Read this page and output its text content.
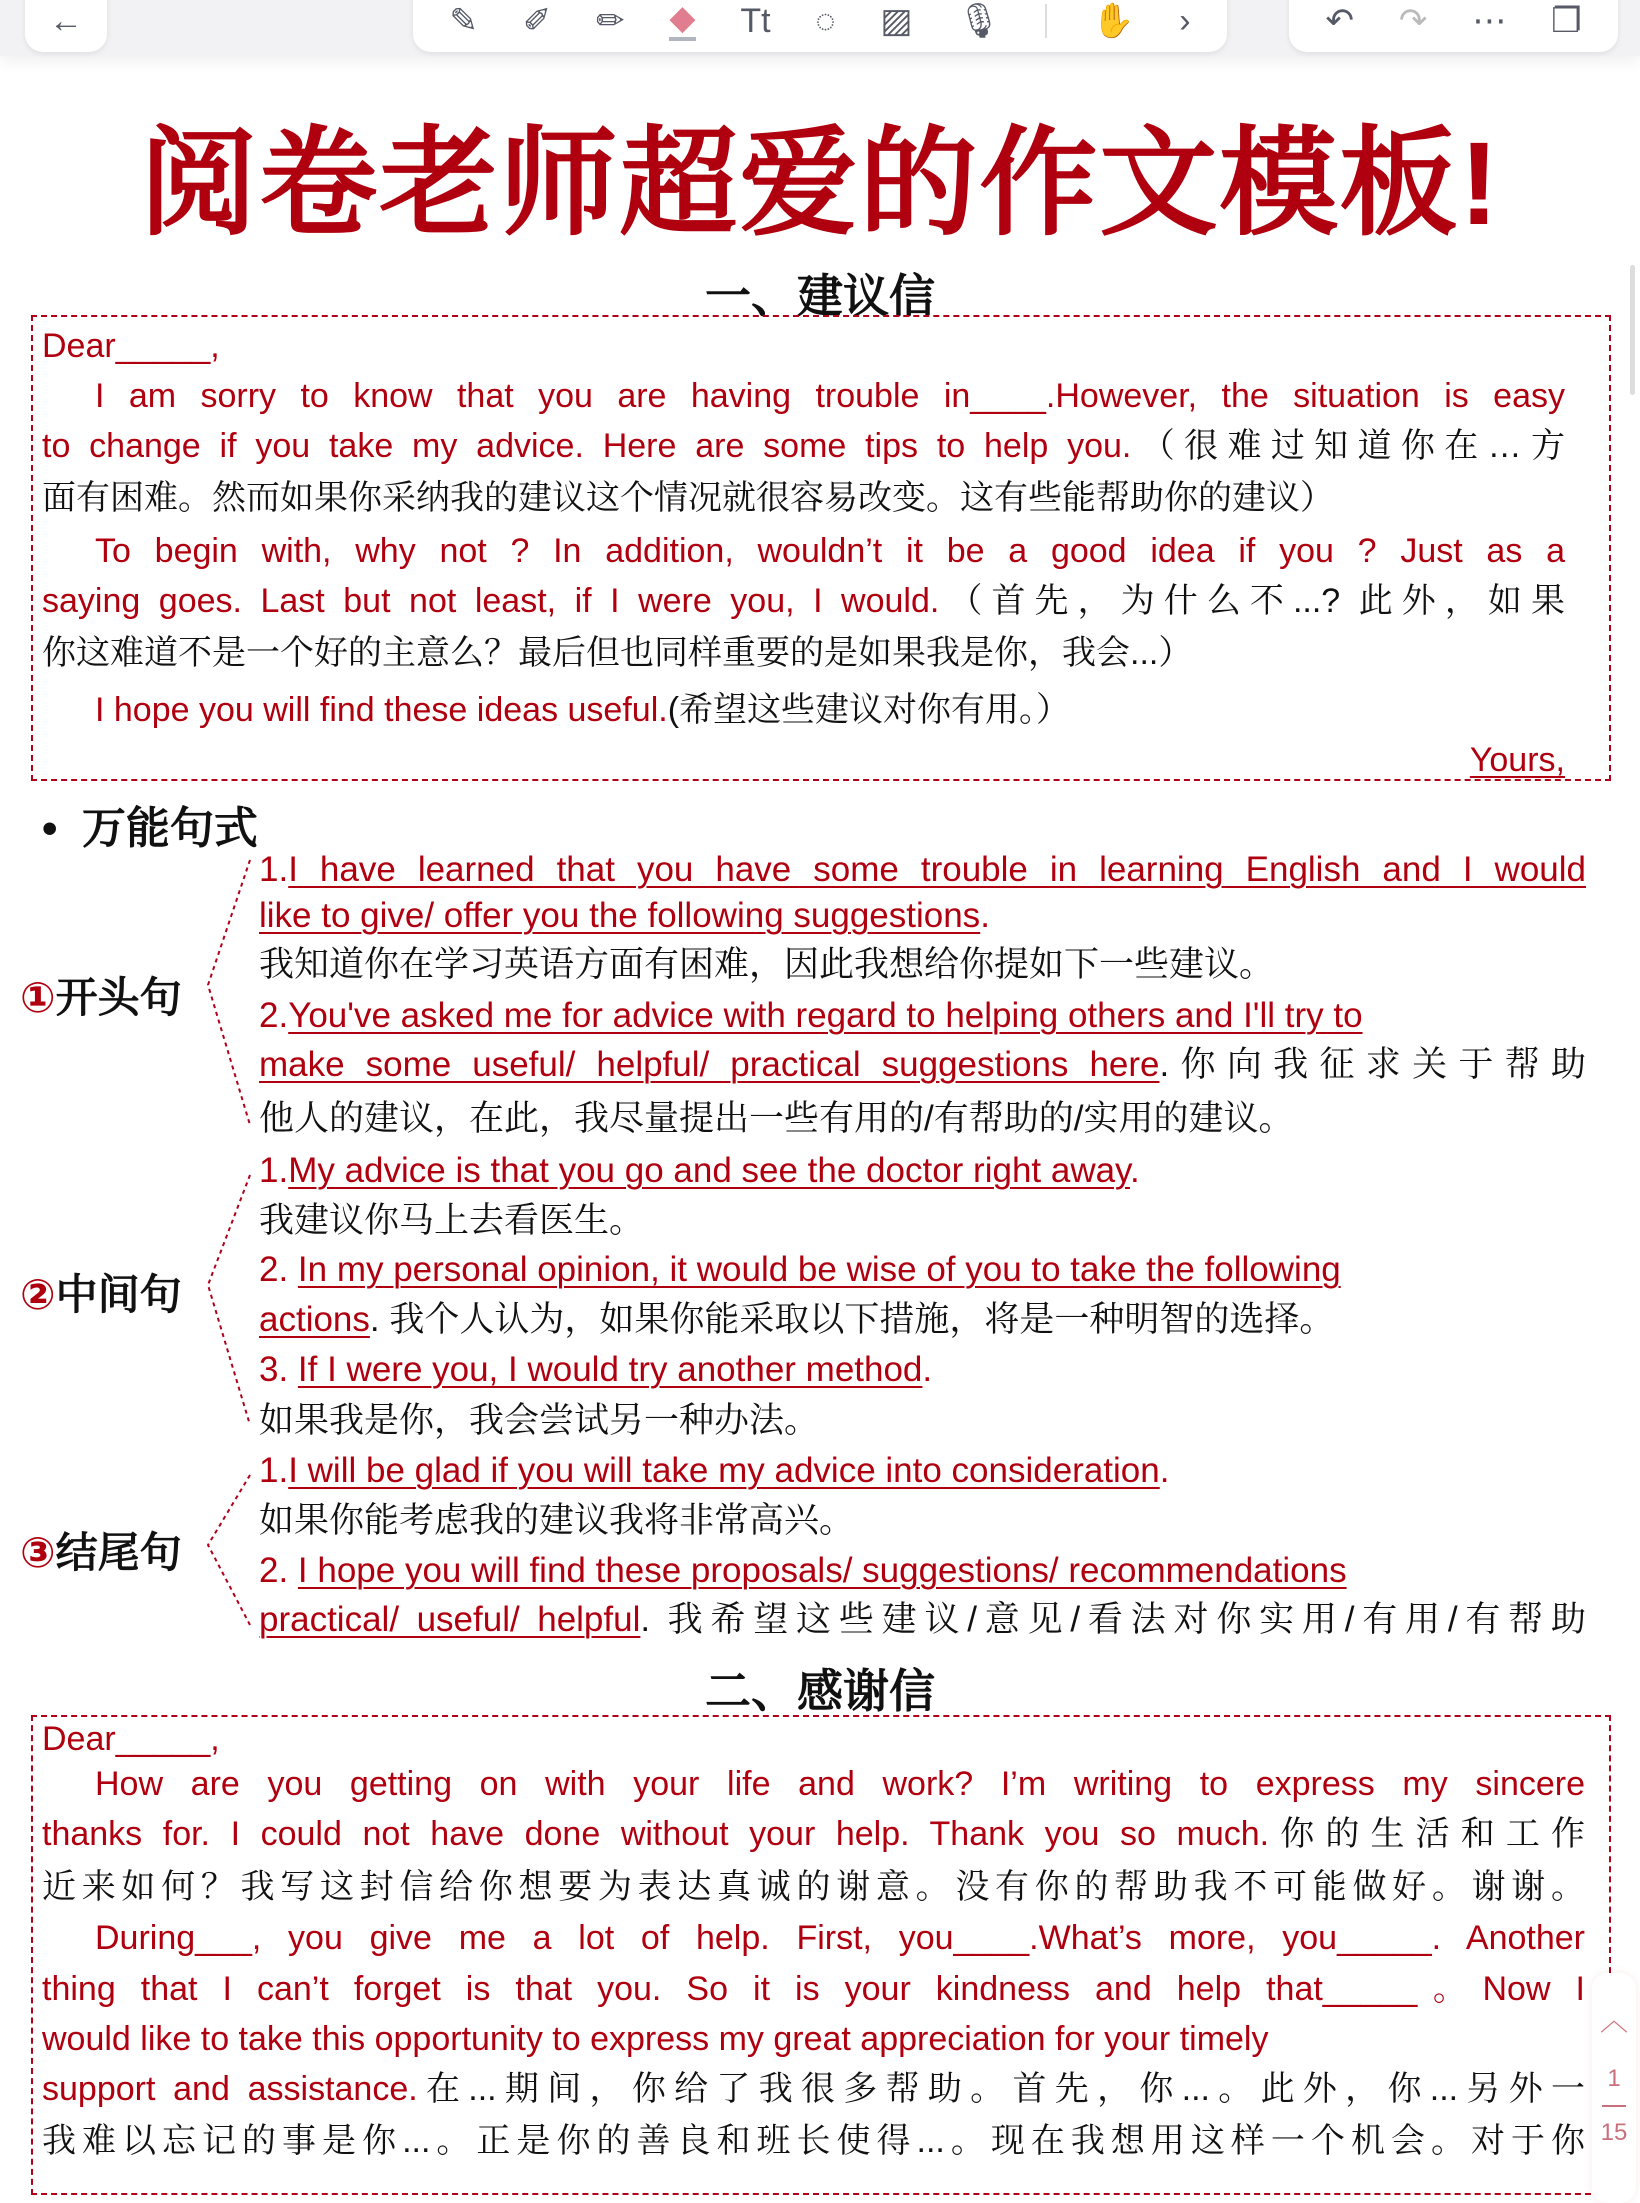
←	✎ ✐ ✏ ◆ Tt ◌ ▨ 🎙	✋ ›	↶ ↷ ⋯ ❐
阅卷老师超爱的作文模板!
一、建议信
Dear_____,
I am sorry to know that you are having trouble in____.However, the situation is easy
to change if you take my advice. Here are some tips to help you.（很难过知道你在…方
面有困难。然而如果你采纳我的建议这个情况就很容易改变。这有些能帮助你的建议）
To begin with, why not ? In addition, wouldn’t it be a good idea if you ? Just as a
saying goes. Last but not least, if I were you, I would.（首先，为什么不...? 此外，如果
你这难道不是一个好的主意么？最后但也同样重要的是如果我是你，我会...）
I hope you will find these ideas useful.(希望这些建议对你有用。）
Yours,
• 万能句式
①开头句
②中间句
③结尾句
1.I have learned that you have some trouble in learning English and I would
like to give/ offer you the following suggestions.
我知道你在学习英语方面有困难，因此我想给你提如下一些建议。
2.You've asked me for advice with regard to helping others and I'll try to
make some useful/ helpful/ practical suggestions here.你向我征求关于帮助
他人的建议，在此，我尽量提出一些有用的/有帮助的/实用的建议。
1.My advice is that you go and see the doctor right away.
我建议你马上去看医生。
2. In my personal opinion, it would be wise of you to take the following
actions. 我个人认为，如果你能采取以下措施，将是一种明智的选择。
3. If I were you, I would try another method.
如果我是你，我会尝试另一种办法。
1.I will be glad if you will take my advice into consideration.
如果你能考虑我的建议我将非常高兴。
2. I hope you will find these proposals/ suggestions/ recommendations
practical/ useful/ helpful. 我希望这些建议/意见/看法对你实用/有用/有帮助
二、感谢信
Dear_____,
How are you getting on with your life and work? I’m writing to express my sincere
thanks for. I could not have done without your help. Thank you so much.你的生活和工作
近来如何？我写这封信给你想要为表达真诚的谢意。没有你的帮助我不可能做好。谢谢。
During___, you give me a lot of help. First, you____.What’s more, you_____. Another
thing that I can’t forget is that you. So it is your kindness and help that_____。Now I
would like to take this opportunity to express my great appreciation for your timely
support and assistance.在...期间，你给了我很多帮助。首先，你...。此外，你...另外一
我难以忘记的事是你...。正是你的善良和班长使得...。现在我想用这样一个机会。对于你
︿
1
15
